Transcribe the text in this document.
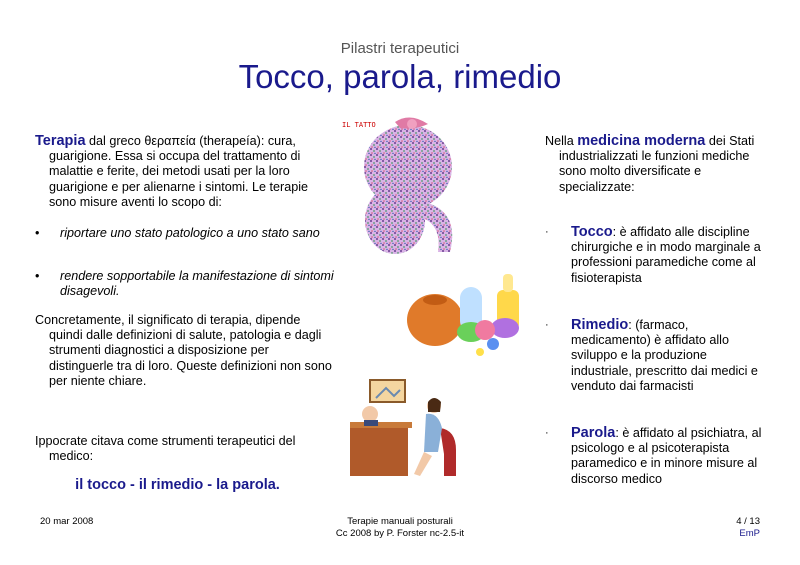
Pilastri terapeutici
Tocco, parola, rimedio
Terapia dal greco θεραπεία (therapeía): cura, guarigione. Essa si occupa del trattamento di malattie e ferite, dei metodi usati per la loro guarigione e per alienarne i sintomi. Le terapie sono misure aventi lo scopo di:
• riportare uno stato patologico a uno stato sano
• rendere sopportabile la manifestazione di sintomi disagevoli.
Concretamente, il significato di terapia, dipende quindi dalle definizioni di salute, patologia e dagli strumenti diagnostici a disposizione per distinguerle tra di loro. Queste definizioni non sono per niente chiare.
Ippocrate citava come strumenti terapeutici del medico:
il tocco - il rimedio - la parola.
IL TATTO
Nella medicina moderna dei Stati industrializzati le funzioni mediche sono molto diversificate e specializzate:
· Tocco: è affidato alle discipline chirurgiche e in modo marginale a professioni paramediche come al fisioterapista
· Rimedio: (farmaco, medicamento) è affidato allo sviluppo e la produzione industriale, prescritto dai medici e venduto dai farmacisti
· Parola: è affidato al psichiatra, al psicologo e al psicoterapista paramedico e in minore misure al discorso medico
20 mar 2008	Terapie manuali posturali
Cc 2008 by P. Forster nc-2.5-it
4 / 13
EmP
